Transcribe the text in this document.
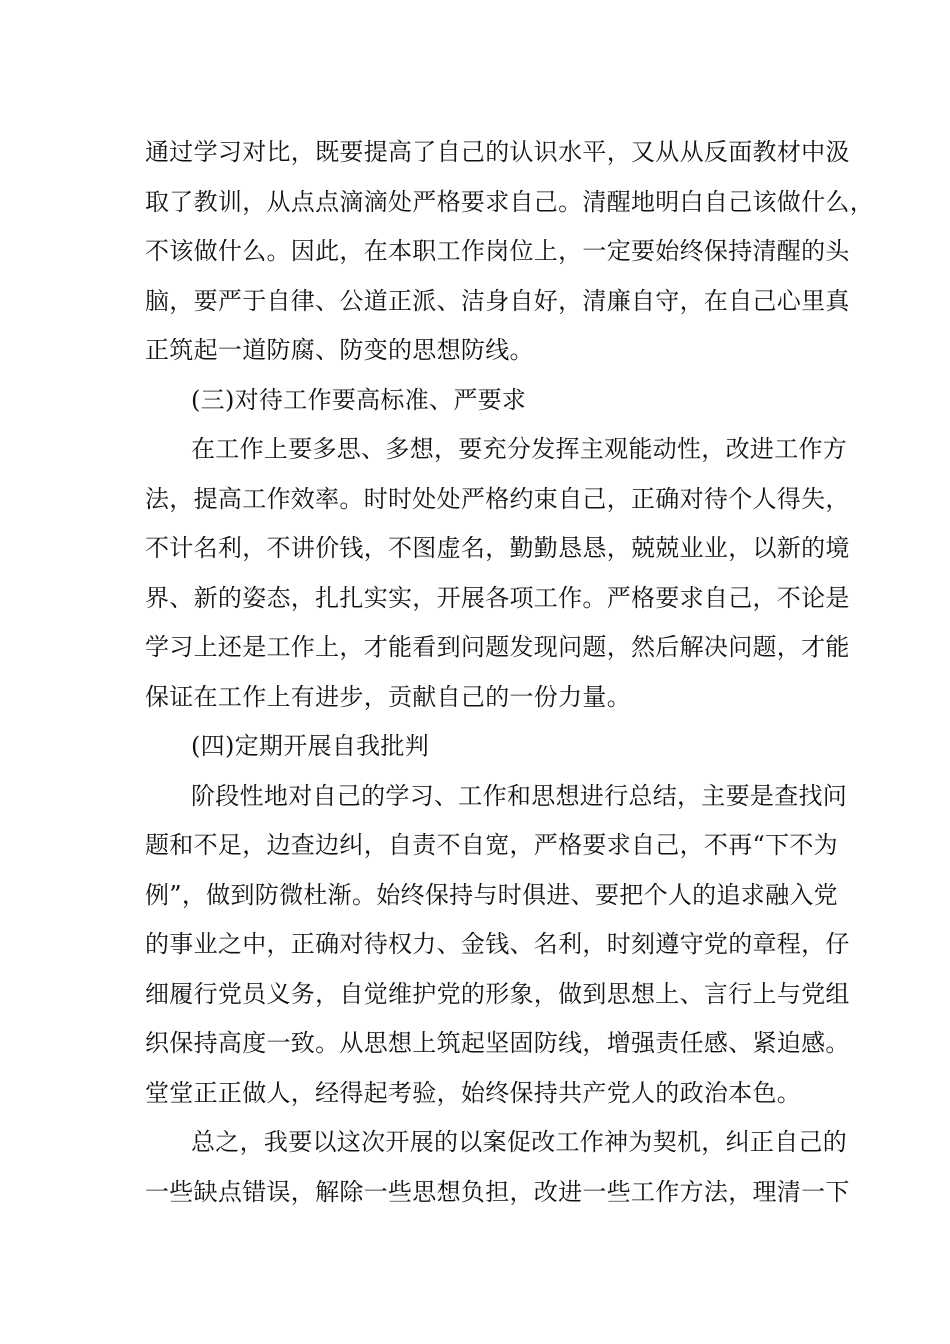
通过学习对比，既要提高了自己的认识水平，又从从反面教材中汲
取了教训，从点点滴滴处严格要求自己。清醒地明白自己该做什么，
不该做什么。因此，在本职工作岗位上，一定要始终保持清醒的头
脑，要严于自律、公道正派、洁身自好，清廉自守，在自己心里真
正筑起一道防腐、防变的思想防线。
(三)对待工作要高标准、严要求
在工作上要多思、多想，要充分发挥主观能动性，改进工作方
法，提高工作效率。时时处处严格约束自己，正确对待个人得失，
不计名利，不讲价钱，不图虚名，勤勤恳恳，兢兢业业，以新的境
界、新的姿态，扎扎实实，开展各项工作。严格要求自己，不论是
学习上还是工作上，才能看到问题发现问题，然后解决问题，才能
保证在工作上有进步，贡献自己的一份力量。
(四)定期开展自我批判
阶段性地对自己的学习、工作和思想进行总结，主要是查找问
题和不足，边查边纠，自责不自宽，严格要求自己，不再“下不为
例”，做到防微杜渐。始终保持与时俱进、要把个人的追求融入党
的事业之中，正确对待权力、金钱、名利，时刻遵守党的章程，仔
细履行党员义务，自觉维护党的形象，做到思想上、言行上与党组
织保持高度一致。从思想上筑起坚固防线，增强责任感、紧迫感。
堂堂正正做人，经得起考验，始终保持共产党人的政治本色。
总之，我要以这次开展的以案促改工作神为契机，纠正自己的
一些缺点错误，解除一些思想负担，改进一些工作方法，理清一下
